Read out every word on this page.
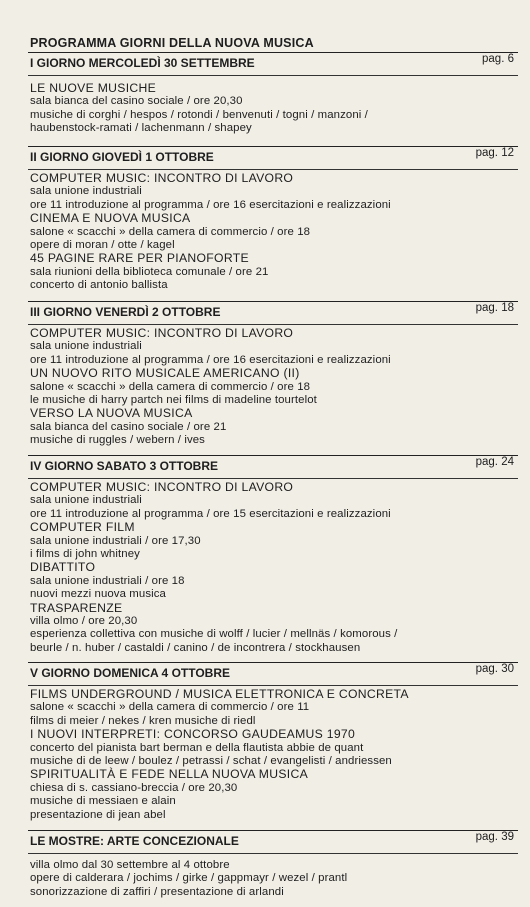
PROGRAMMA GIORNI DELLA NUOVA MUSICA
I GIORNO MERCOLEDÌ 30 SETTEMBRE	pag. 6
LE NUOVE MUSICHE
sala bianca del casino sociale / ore 20,30
musiche di corghi / hespos / rotondi / benvenuti / togni / manzoni /
haubenstock-ramati / lachenmann / shapey
II GIORNO GIOVEDÌ 1 OTTOBRE	pag. 12
COMPUTER MUSIC: INCONTRO DI LAVORO
sala unione industriali
ore 11 introduzione al programma / ore 16 esercitazioni e realizzazioni
CINEMA E NUOVA MUSICA
salone « scacchi » della camera di commercio / ore 18
opere di moran / otte / kagel
45 PAGINE RARE PER PIANOFORTE
sala riunioni della biblioteca comunale / ore 21
concerto di antonio ballista
III GIORNO VENERDÌ 2 OTTOBRE	pag. 18
COMPUTER MUSIC: INCONTRO DI LAVORO
sala unione industriali
ore 11 introduzione al programma / ore 16 esercitazioni e realizzazioni
UN NUOVO RITO MUSICALE AMERICANO (II)
salone « scacchi » della camera di commercio / ore 18
le musiche di harry partch nei films di madeline tourtelot
VERSO LA NUOVA MUSICA
sala bianca del casino sociale / ore 21
musiche di ruggles / webern / ives
IV GIORNO SABATO 3 OTTOBRE	pag. 24
COMPUTER MUSIC: INCONTRO DI LAVORO
sala unione industriali
ore 11 introduzione al programma / ore 15 esercitazioni e realizzazioni
COMPUTER FILM
sala unione industriali / ore 17,30
i films di john whitney
DIBATTITO
sala unione industriali / ore 18
nuovi mezzi nuova musica
TRASPARENZE
villa olmo / ore 20,30
esperienza collettiva con musiche di wolff / lucier / mellnäs / komorous /
beurle / n. huber / castaldi / canino / de incontrera / stockhausen
V GIORNO DOMENICA 4 OTTOBRE	pag. 30
FILMS UNDERGROUND / MUSICA ELETTRONICA E CONCRETA
salone « scacchi » della camera di commercio / ore 11
films di meier / nekes / kren musiche di riedl
I NUOVI INTERPRETI: CONCORSO GAUDEAMUS 1970
concerto del pianista bart berman e della flautista abbie de quant
musiche di de leew / boulez / petrassi / schat / evangelisti / andriessen
SPIRITUALITÀ E FEDE NELLA NUOVA MUSICA
chiesa di s. cassiano-breccia / ore 20,30
musiche di messiaen e alain
presentazione di jean abel
LE MOSTRE: ARTE CONCEZIONALE	pag. 39
villa olmo dal 30 settembre al 4 ottobre
opere di calderara / jochims / girke / gappmayr / wezel / prantl
sonorizzazione di zaffiri / presentazione di arlandi
